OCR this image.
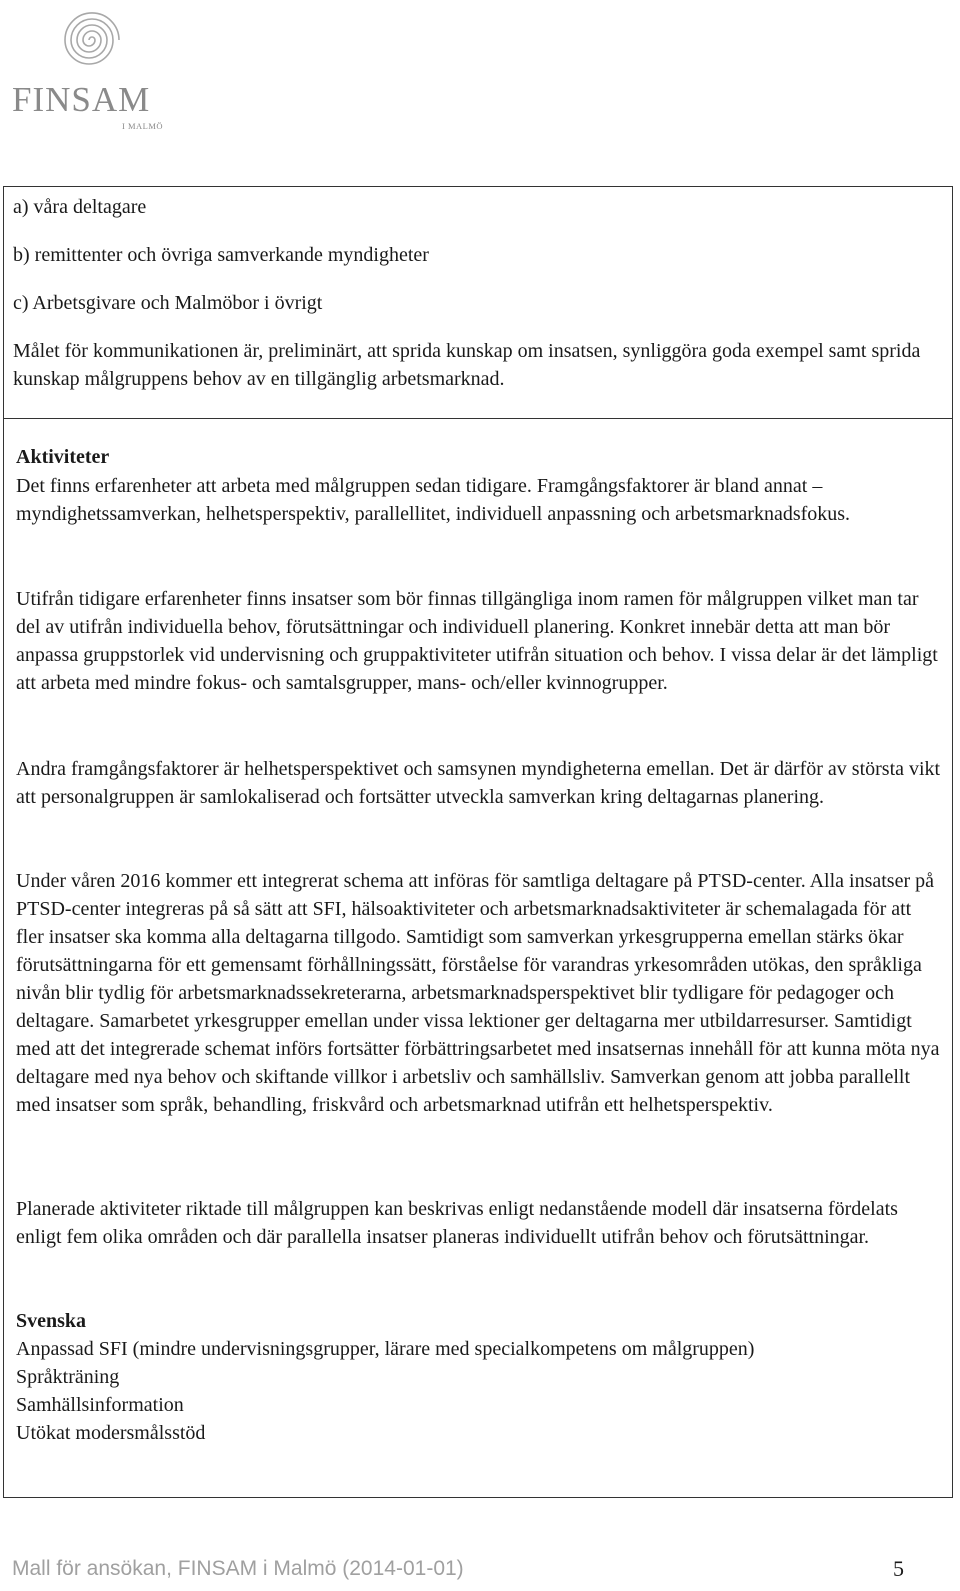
FINSAM
I MALMÖ

a) våra deltagare

b) remittenter och övriga samverkande myndigheter

c) Arbetsgivare och Malmöbor i övrigt

Målet för kommunikationen är, preliminärt, att sprida kunskap om insatsen, synliggöra goda exempel samt sprida kunskap målgruppens behov av en tillgänglig arbetsmarknad.

Aktiviteter

Det finns erfarenheter att arbeta med målgruppen sedan tidigare. Framgångsfaktorer är bland annat – myndighetssamverkan, helhetsperspektiv, parallellitet, individuell anpassning och arbetsmarknadsfokus.

Utifrån tidigare erfarenheter finns insatser som bör finnas tillgängliga inom ramen för målgruppen vilket man tar del av utifrån individuella behov, förutsättningar och individuell planering. Konkret innebär detta att man bör anpassa gruppstorlek vid undervisning och gruppaktiviteter utifrån situation och behov. I vissa delar är det lämpligt att arbeta med mindre fokus- och samtalsgrupper, mans- och/eller kvinnogrupper.

Andra framgångsfaktorer är helhetsperspektivet och samsynen myndigheterna emellan. Det är därför av största vikt att personalgruppen är samlokaliserad och fortsätter utveckla samverkan kring deltagarnas planering.

Under våren 2016 kommer ett integrerat schema att införas för samtliga deltagare på PTSD-center. Alla insatser på PTSD-center integreras på så sätt att SFI, hälsoaktiviteter och arbetsmarknadsaktiviteter är schemalagada för att fler insatser ska komma alla deltagarna tillgodo. Samtidigt som samverkan yrkesgrupperna emellan stärks ökar förutsättningarna för ett gemensamt förhållningssätt, förståelse för varandras yrkesområden utökas, den språkliga nivån blir tydlig för arbetsmarknadssekreterarna, arbetsmarknadsperspektivet blir tydligare för pedagoger och deltagare. Samarbetet yrkesgrupper emellan under vissa lektioner ger deltagarna mer utbildarresurser. Samtidigt med att det integrerade schemat införs fortsätter förbättringsarbetet med insatsernas innehåll för att kunna möta nya deltagare med nya behov och skiftande villkor i arbetsliv och samhällsliv. Samverkan genom att jobba parallellt med insatser som språk, behandling, friskvård och arbetsmarknad utifrån ett helhetsperspektiv.

Planerade aktiviteter riktade till målgruppen kan beskrivas enligt nedanstående modell där insatserna fördelats enligt fem olika områden och där parallella insatser planeras individuellt utifrån behov och förutsättningar.

Svenska

Anpassad SFI (mindre undervisningsgrupper, lärare med specialkompetens om målgruppen)

Språkträning

Samhällsinformation

Utökat modersmålsstöd

Mall för ansökan, FINSAM i Malmö (2014-01-01)	5
